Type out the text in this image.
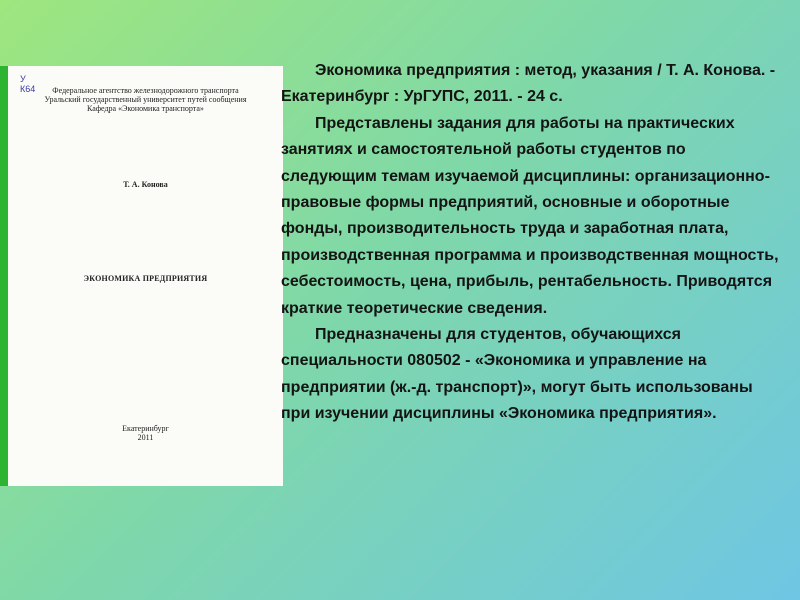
У
К64	Федеральное агентство железнодорожного транспорта
Уральский государственный университет путей сообщения
Кафедра «Экономика транспорта»
Т. А. Конова
ЭКОНОМИКА ПРЕДПРИЯТИЯ
Екатеринбург
2011

Экономика предприятия : метод, указания / Т. А. Конова. - Екатеринбург : УрГУПС, 2011. - 24 с.

Представлены задания для работы на практических занятиях и самостоятельной работы студентов по следующим темам изучаемой дисциплины: организационно-правовые формы предприятий, основные и оборотные фонды, производительность труда и заработная плата, производственная программа и производственная мощность, себестоимость, цена, прибыль, рентабельность. Приводятся краткие теоретические сведения.

Предназначены для студентов, обучающихся специальности 080502 - «Экономика и управление на предприятии (ж.-д. транспорт)», могут быть использованы при изучении дисциплины «Экономика предприятия».
